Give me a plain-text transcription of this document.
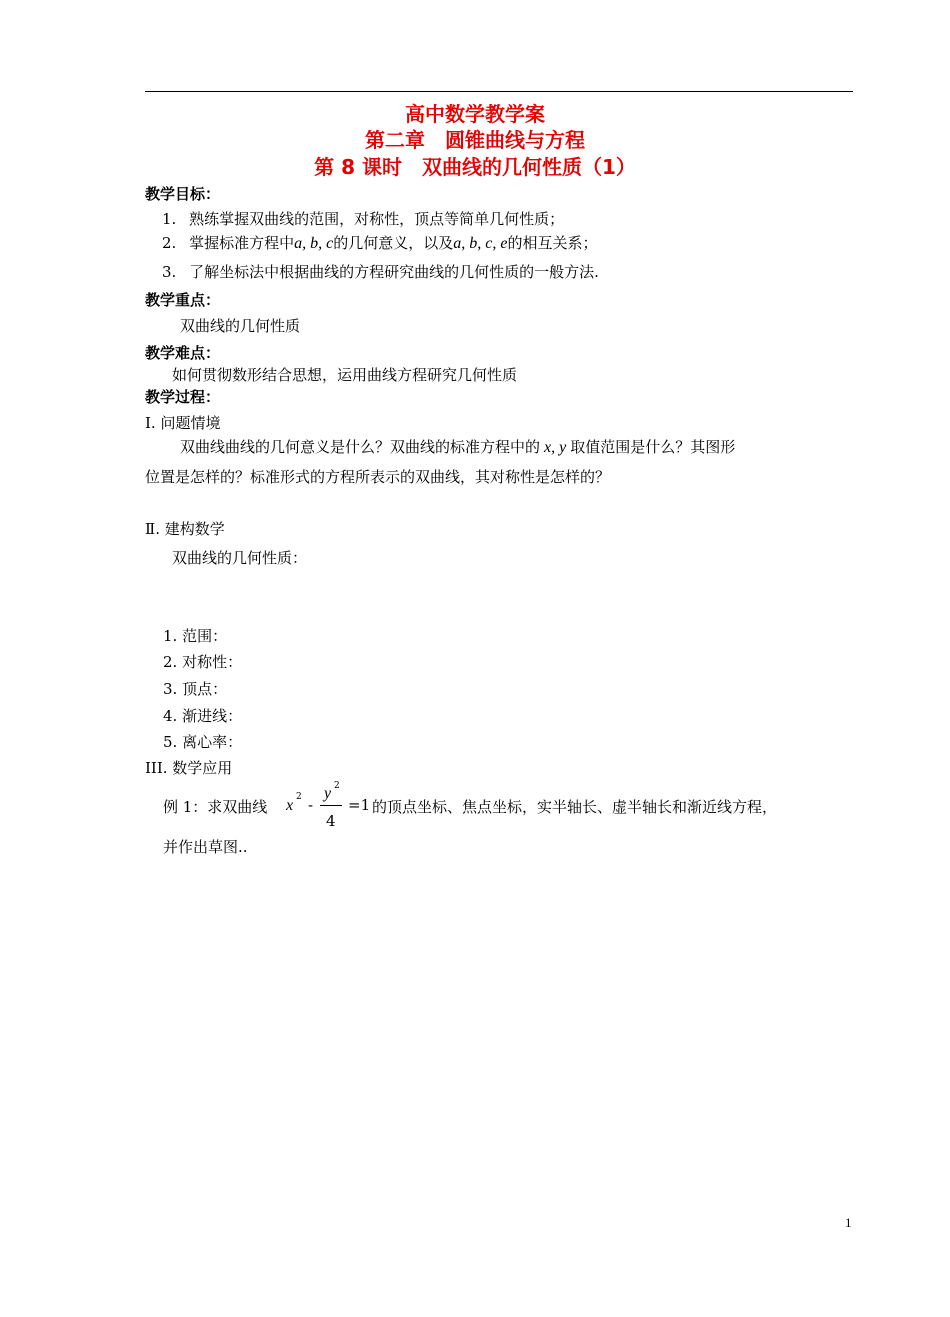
高中数学教学案
第二章　圆锥曲线与方程
第 8 课时　双曲线的几何性质（1）
教学目标：
1. 熟练掌握双曲线的范围，对称性，顶点等简单几何性质；
2. 掌握标准方程中a, b, c的几何意义，以及a, b, c, e的相互关系；
3. 了解坐标法中根据曲线的方程研究曲线的几何性质的一般方法.
教学重点：
双曲线的几何性质
教学难点：
如何贯彻数形结合思想，运用曲线方程研究几何性质
教学过程：
Ⅰ. 问题情境
双曲线曲线的几何意义是什么？双曲线的标准方程中的 x, y 取值范围是什么？其图形
位置是怎样的？标准形式的方程所表示的双曲线，其对称性是怎样的？
Ⅱ. 建构数学
双曲线的几何性质：
1. 范围：
2. 对称性：
3. 顶点：
4. 渐进线：
5. 离心率：
III. 数学应用
例 1：求双曲线 x 2 -
y 2
4
=1 的顶点坐标、焦点坐标，实半轴长、虚半轴长和渐近线方程，
并作出草图..
1
